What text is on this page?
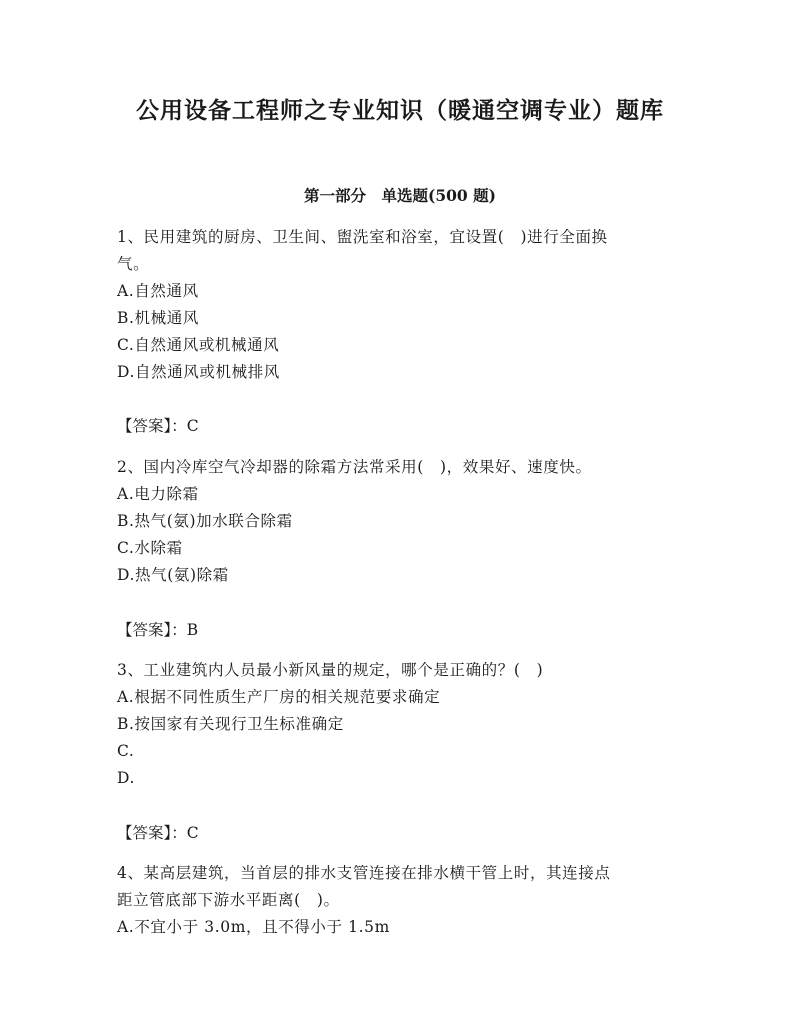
公用设备工程师之专业知识（暖通空调专业）题库
第一部分　单选题(500 题)
1、民用建筑的厨房、卫生间、盥洗室和浴室，宜设置(　)进行全面换
气。
A.自然通风
B.机械通风
C.自然通风或机械通风
D.自然通风或机械排风
【答案】：C
2、国内冷库空气冷却器的除霜方法常采用(　)，效果好、速度快。
A.电力除霜
B.热气(氨)加水联合除霜
C.水除霜
D.热气(氨)除霜
【答案】：B
3、工业建筑内人员最小新风量的规定，哪个是正确的？(　)
A.根据不同性质生产厂房的相关规范要求确定
B.按国家有关现行卫生标准确定
C.
D.
【答案】：C
4、某高层建筑，当首层的排水支管连接在排水横干管上时，其连接点
距立管底部下游水平距离(　)。
A.不宜小于 3.0m，且不得小于 1.5m
